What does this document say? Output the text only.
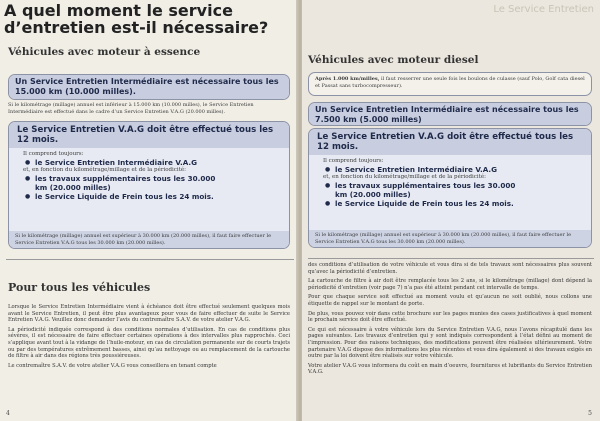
A quel moment le service d’entretien est-il nécessaire?
Véhicules avec moteur à essence
Un Service Entretien Intermédiaire est nécessaire tous les 15.000 km (10.000 milles).
Si le kilométrage (millage) annuel est inférieur à 15.000 km (10.000 milles), le Service Entretien Intermédiaire est effectué dans le cadre d’un Service Entretien V.A.G (20.000 milles).
Le Service Entretien V.A.G doit être effectué tous les 12 mois.
Il comprend toujours:
● le Service Entretien Intermédiaire V.A.G
et, en fonction du kilométrage/millage et de la périodicité:
● les travaux supplémentaires tous les 30.000 km (20.000 milles)
● le Service Liquide de Frein tous les 24 mois.
Si le kilométrage (millage) annuel est supérieur à 30.000 km (20.000 milles), il faut faire effectuer le Service Entretien V.A.G tous les 30.000 km (20.000 milles).
Pour tous les véhicules

Lorsque le Service Entretien Intermédiaire vient à échéance doit être effectué seulement quelques mois avant le Service Entretien, il peut être plus avantageux pour vous de faire effectuer de suite le Service Entretien V.A.G. Veuillez donc demander l’avis du contremaître S.A.V. de votre atelier V.A.G.

La périodicité indiquée correspond à des conditions normales d’utilisation. En cas de conditions plus sévères, il est nécessaire de faire effectuer certaines opérations à des intervalles plus rapprochés. Ceci s’applique avant tout à la vidange de l’huile-moteur, en cas de circulation permanente sur de courts trajets ou par des températures extrêmement basses, ainsi qu’au nettoyage ou au remplacement de la cartouche de filtre à air dans des régions très poussiéreuses.

Le contremaître S.A.V. de votre atelier V.A.G vous conseillera en tenant compte

4
Le Service Entretien
Véhicules avec moteur diesel
Après 1.000 km/milles, il faut resserrer une seule fois les boulons de culasse (sauf Polo, Golf cata diesel et Passat sans turbocompresseur).
Un Service Entretien Intermédiaire est nécessaire tous les 7.500 km (5.000 milles)
Le Service Entretien V.A.G doit être effectué tous les 12 mois.
Il comprend toujours:
● le Service Entretien Intermédiaire V.A.G
et, en fonction du kilométrage/millage et de la périodicité:
● les travaux supplémentaires tous les 30.000 km (20.000 milles)
● le Service Liquide de Frein tous les 24 mois.
Si le kilométrage (millage) annuel est supérieur à 30.000 km (20.000 milles), il faut faire effectuer le Service Entretien V.A.G tous les 30.000 km (20.000 milles).

des conditions d’utilisation de votre véhicule et vous dira si de tels travaux sont nécessaires plus souvent qu’avec la périodicité d’entretien.

La cartouche de filtre à air doit être remplacée tous les 2 ans, si le kilométrage (millage) dont dépend la périodicité d’entretien (voir page 7) n’a pas été atteint pendant cet intervalle de temps.

Pour que chaque service soit effectué au moment voulu et qu’aucun ne soit oublié, nous collons une étiquette de rappel sur le montant de porte.

De plus, vous pouvez voir dans cette brochure sur les pages munies des cases justificatives à quel moment le prochain service doit être effectué.

Ce qui est nécessaire à votre véhicule lors du Service Entretien V.A.G, nous l’avons récapitulé dans les pages suivantes. Les travaux d’entretien qui y sont indiqués correspondent à l’état défini au moment de l’impression. Pour des raisons techniques, des modifications peuvent être réalisées ultérieurement. Votre partenaire V.A.G dispose des informations les plus récentes et vous dira également si des travaux exigés en outre par la loi doivent être réalisés sur votre véhicule.

Votre atelier V.A.G vous informera du coût en main d’oeuvre, fournitures et lubrifiants du Service Entretien V.A.G.

5
